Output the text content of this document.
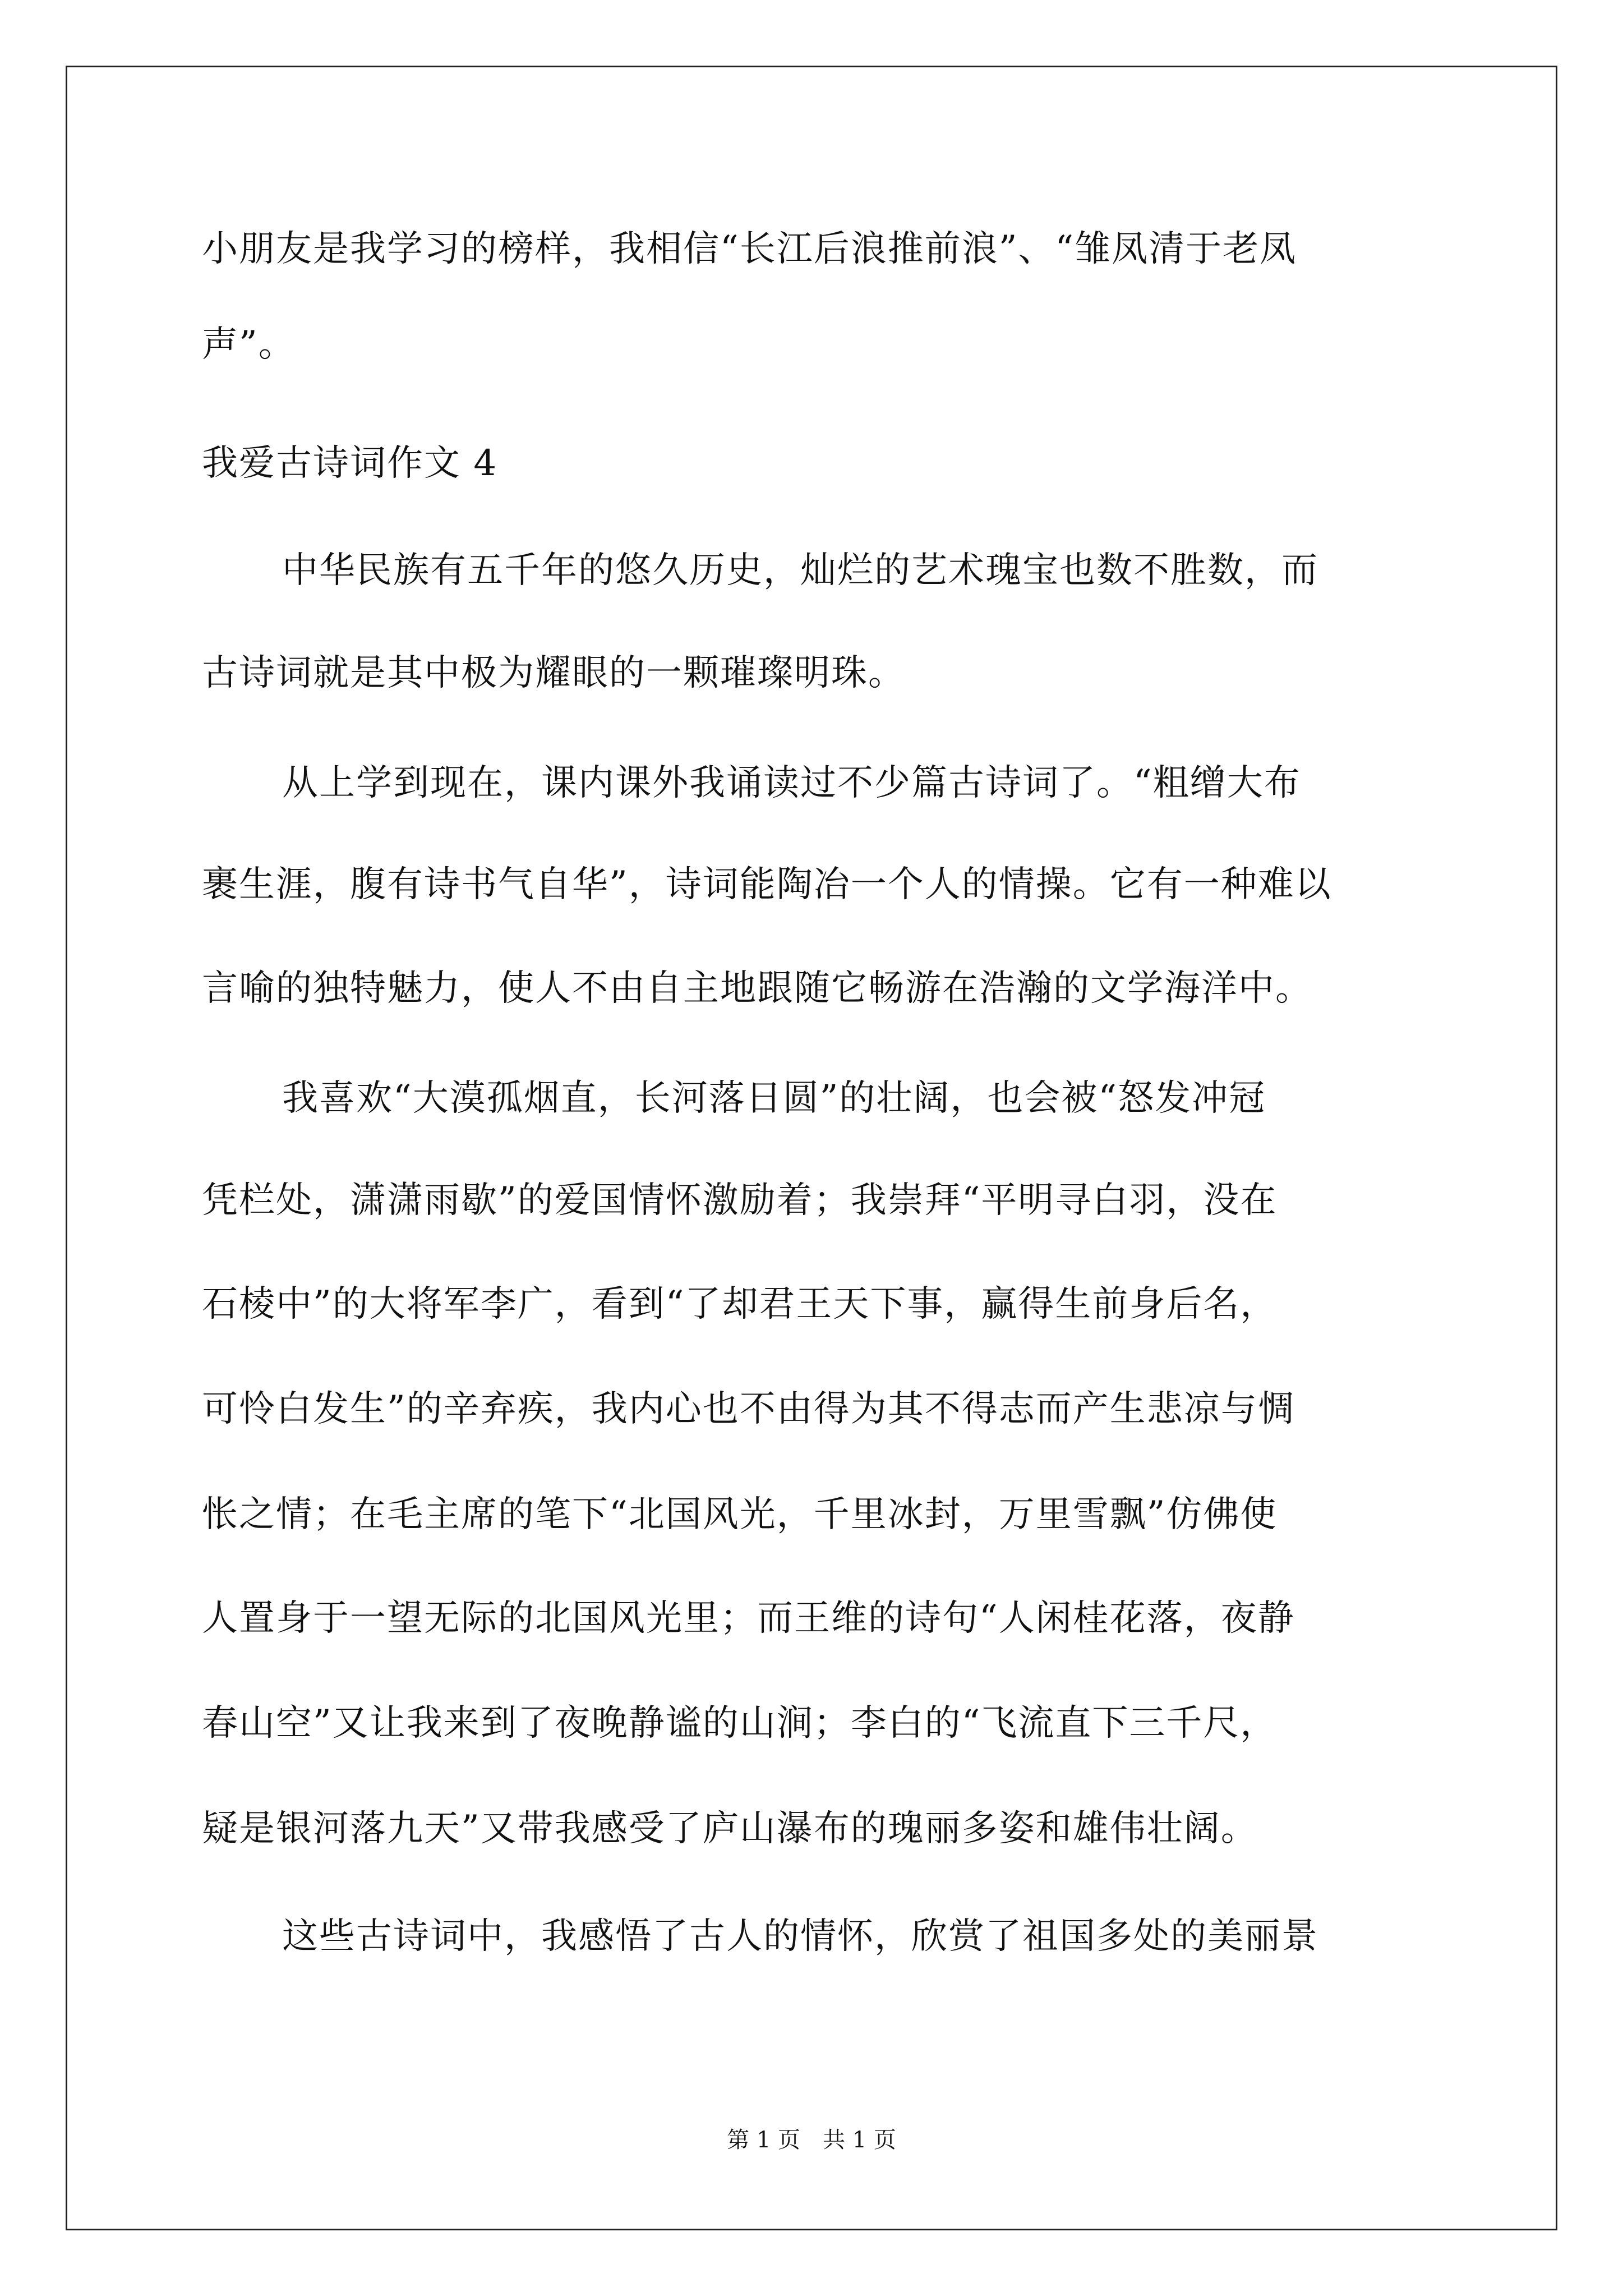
小朋友是我学习的榜样，我相信“长江后浪推前浪”、“雏凤清于老凤
声”。
我爱古诗词作文 4
中华民族有五千年的悠久历史，灿烂的艺术瑰宝也数不胜数，而
古诗词就是其中极为耀眼的一颗璀璨明珠。
从上学到现在，课内课外我诵读过不少篇古诗词了。“粗缯大布
裹生涯，腹有诗书气自华”，诗词能陶冶一个人的情操。它有一种难以
言喻的独特魅力，使人不由自主地跟随它畅游在浩瀚的文学海洋中。
我喜欢“大漠孤烟直，长河落日圆”的壮阔，也会被“怒发冲冠
凭栏处，潇潇雨歇”的爱国情怀激励着；我崇拜“平明寻白羽，没在
石棱中”的大将军李广，看到“了却君王天下事，赢得生前身后名，
可怜白发生”的辛弃疾，我内心也不由得为其不得志而产生悲凉与惆
怅之情；在毛主席的笔下“北国风光，千里冰封，万里雪飘”仿佛使
人置身于一望无际的北国风光里；而王维的诗句“人闲桂花落，夜静
春山空”又让我来到了夜晚静谧的山涧；李白的“飞流直下三千尺，
疑是银河落九天”又带我感受了庐山瀑布的瑰丽多姿和雄伟壮阔。
这些古诗词中，我感悟了古人的情怀，欣赏了祖国多处的美丽景
第 1 页　共 1 页
